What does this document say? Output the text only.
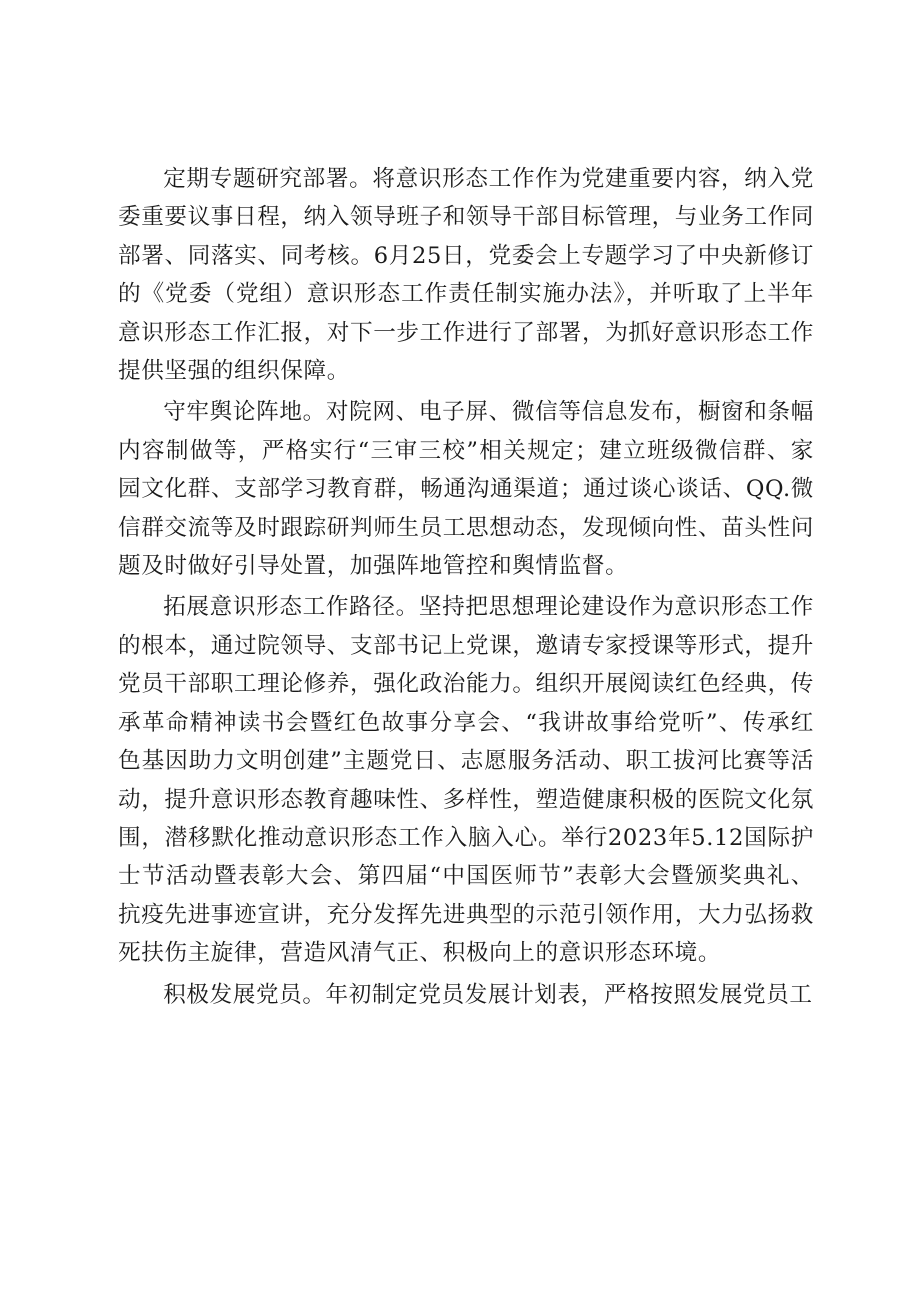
定期专题研究部署。将意识形态工作作为党建重要内容，纳入党委重要议事日程，纳入领导班子和领导干部目标管理，与业务工作同部署、同落实、同考核。6月25日，党委会上专题学习了中央新修订的《党委（党组）意识形态工作责任制实施办法》，并听取了上半年意识形态工作汇报，对下一步工作进行了部署，为抓好意识形态工作提供坚强的组织保障。

守牢舆论阵地。对院网、电子屏、微信等信息发布，橱窗和条幅内容制做等，严格实行“三审三校”相关规定；建立班级微信群、家园文化群、支部学习教育群，畅通沟通渠道；通过谈心谈话、QQ.微信群交流等及时跟踪研判师生员工思想动态，发现倾向性、苗头性问题及时做好引导处置，加强阵地管控和舆情监督。

拓展意识形态工作路径。坚持把思想理论建设作为意识形态工作的根本，通过院领导、支部书记上党课，邀请专家授课等形式，提升党员干部职工理论修养，强化政治能力。组织开展阅读红色经典，传承革命精神读书会暨红色故事分享会、“我讲故事给党听”、传承红色基因助力文明创建”主题党日、志愿服务活动、职工拔河比赛等活动，提升意识形态教育趣味性、多样性，塑造健康积极的医院文化氛围，潜移默化推动意识形态工作入脑入心。举行2023年5.12国际护士节活动暨表彰大会、第四届“中国医师节”表彰大会暨颁奖典礼、抗疫先进事迹宣讲，充分发挥先进典型的示范引领作用，大力弘扬救死扶伤主旋律，营造风清气正、积极向上的意识形态环境。

积极发展党员。年初制定党员发展计划表，严格按照发展党员工
